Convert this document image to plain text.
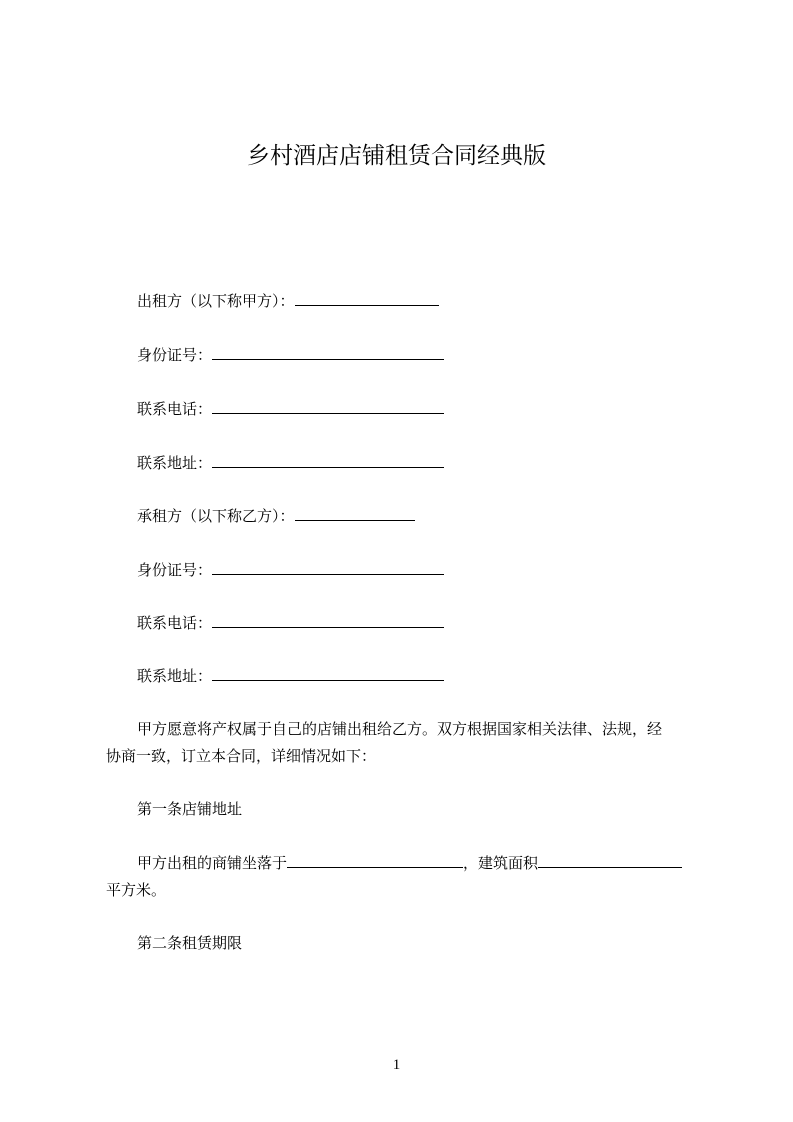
乡村酒店店铺租赁合同经典版
出租方（以下称甲方）：
身份证号：
联系电话：
联系地址：
承租方（以下称乙方）：
身份证号：
联系电话：
联系地址：
甲方愿意将产权属于自己的店铺出租给乙方。双方根据国家相关法律、法规，经
协商一致，订立本合同，详细情况如下：
第一条店铺地址
甲方出租的商铺坐落于	，建筑面积
平方米。
第二条租赁期限
1
